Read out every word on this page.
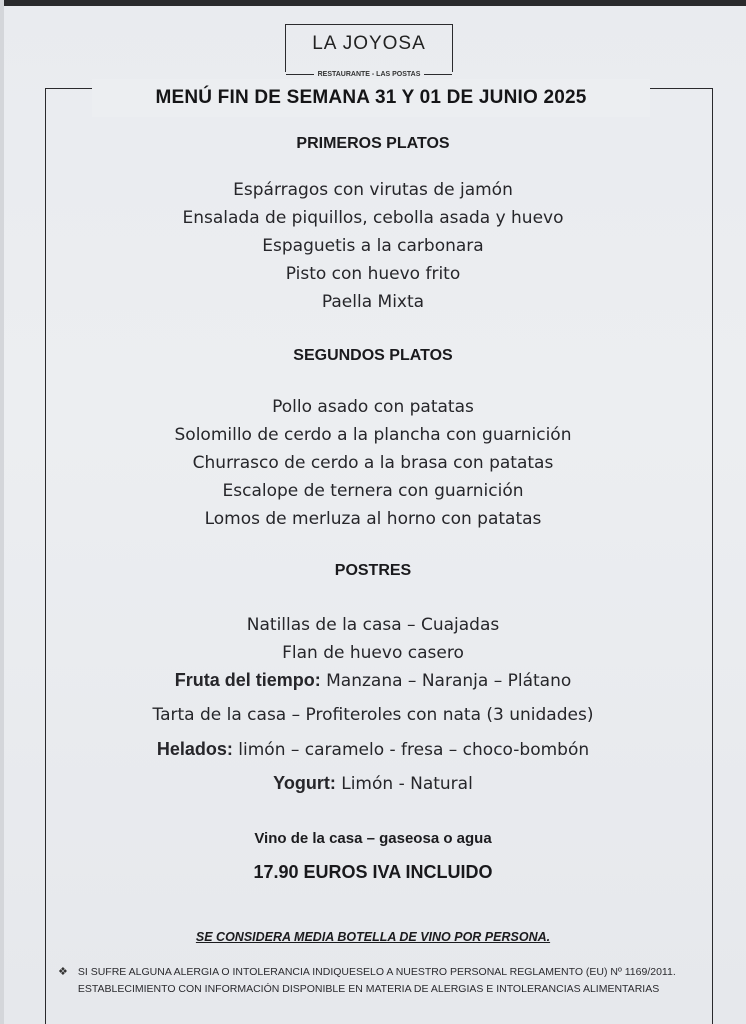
LA JOYOSA
RESTAURANTE - LAS POSTAS
MENÚ FIN DE SEMANA 31 Y 01 DE JUNIO 2025
PRIMEROS PLATOS
Espárragos con virutas de jamón
Ensalada de piquillos, cebolla asada y huevo
Espaguetis a la carbonara
Pisto con huevo frito
Paella Mixta
SEGUNDOS PLATOS
Pollo asado con patatas
Solomillo de cerdo a la plancha con guarnición
Churrasco de cerdo a la brasa con patatas
Escalope de ternera con guarnición
Lomos de merluza al horno con patatas
POSTRES
Natillas de la casa – Cuajadas
Flan de huevo casero
Fruta del tiempo: Manzana – Naranja – Plátano
Tarta de la casa – Profiteroles con nata (3 unidades)
Helados: limón – caramelo - fresa – choco-bombón
Yogurt: Limón - Natural
Vino de la casa – gaseosa o agua
17.90 EUROS IVA INCLUIDO
SE CONSIDERA MEDIA BOTELLA DE VINO POR PERSONA.
❖ SI SUFRE ALGUNA ALERGIA O INTOLERANCIA INDIQUESELO A NUESTRO PERSONAL REGLAMENTO (EU) Nº 1169/2011. ESTABLECIMIENTO CON INFORMACIÓN DISPONIBLE EN MATERIA DE ALERGIAS E INTOLERANCIAS ALIMENTARIAS
